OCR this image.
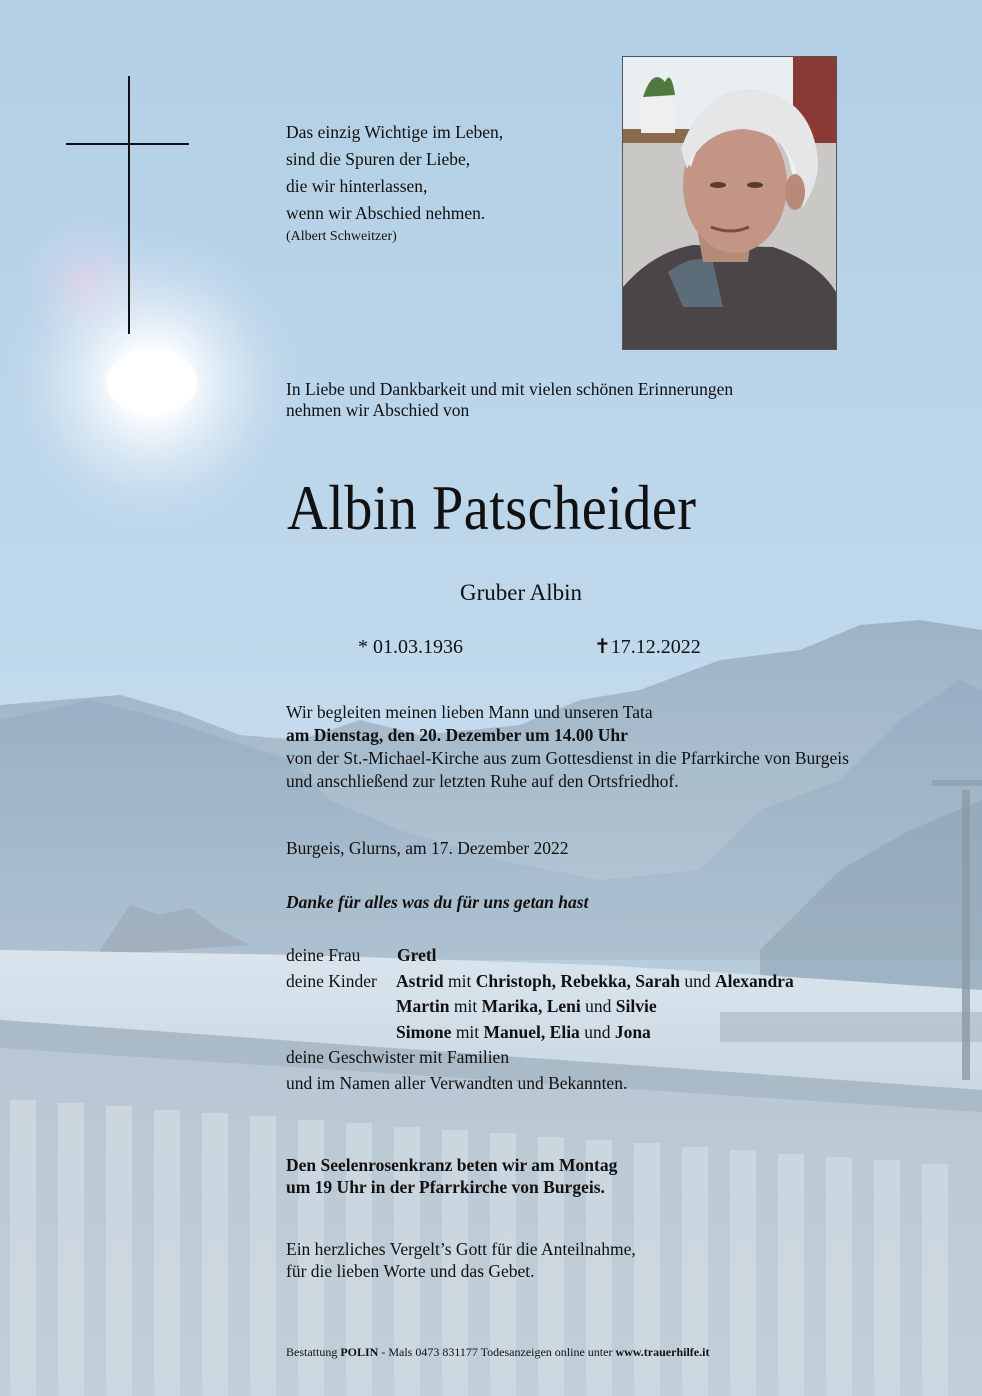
Das einzig Wichtige im Leben,
sind die Spuren der Liebe,
die wir hinterlassen,
wenn wir Abschied nehmen.
(Albert Schweitzer)
In Liebe und Dankbarkeit und mit vielen schönen Erinnerungen
nehmen wir Abschied von
Albin Patscheider
Gruber Albin
* 01.03.1936	✝17.12.2022
Wir begleiten meinen lieben Mann und unseren Tata
am Dienstag, den 20. Dezember um 14.00 Uhr
von der St.-Michael-Kirche aus zum Gottesdienst in die Pfarrkirche von Burgeis
und anschließend zur letzten Ruhe auf den Ortsfriedhof.
Burgeis, Glurns, am 17. Dezember 2022
Danke für alles was du für uns getan hast
deine Frau Gretl
deine Kinder Astrid mit Christoph, Rebekka, Sarah und Alexandra
Martin mit Marika, Leni und Silvie
Simone mit Manuel, Elia und Jona
deine Geschwister mit Familien
und im Namen aller Verwandten und Bekannten.
Den Seelenrosenkranz beten wir am Montag
um 19 Uhr in der Pfarrkirche von Burgeis.
Ein herzliches Vergelt’s Gott für die Anteilnahme,
für die lieben Worte und das Gebet.
Bestattung POLIN - Mals 0473 831177 Todesanzeigen online unter www.trauerhilfe.it
